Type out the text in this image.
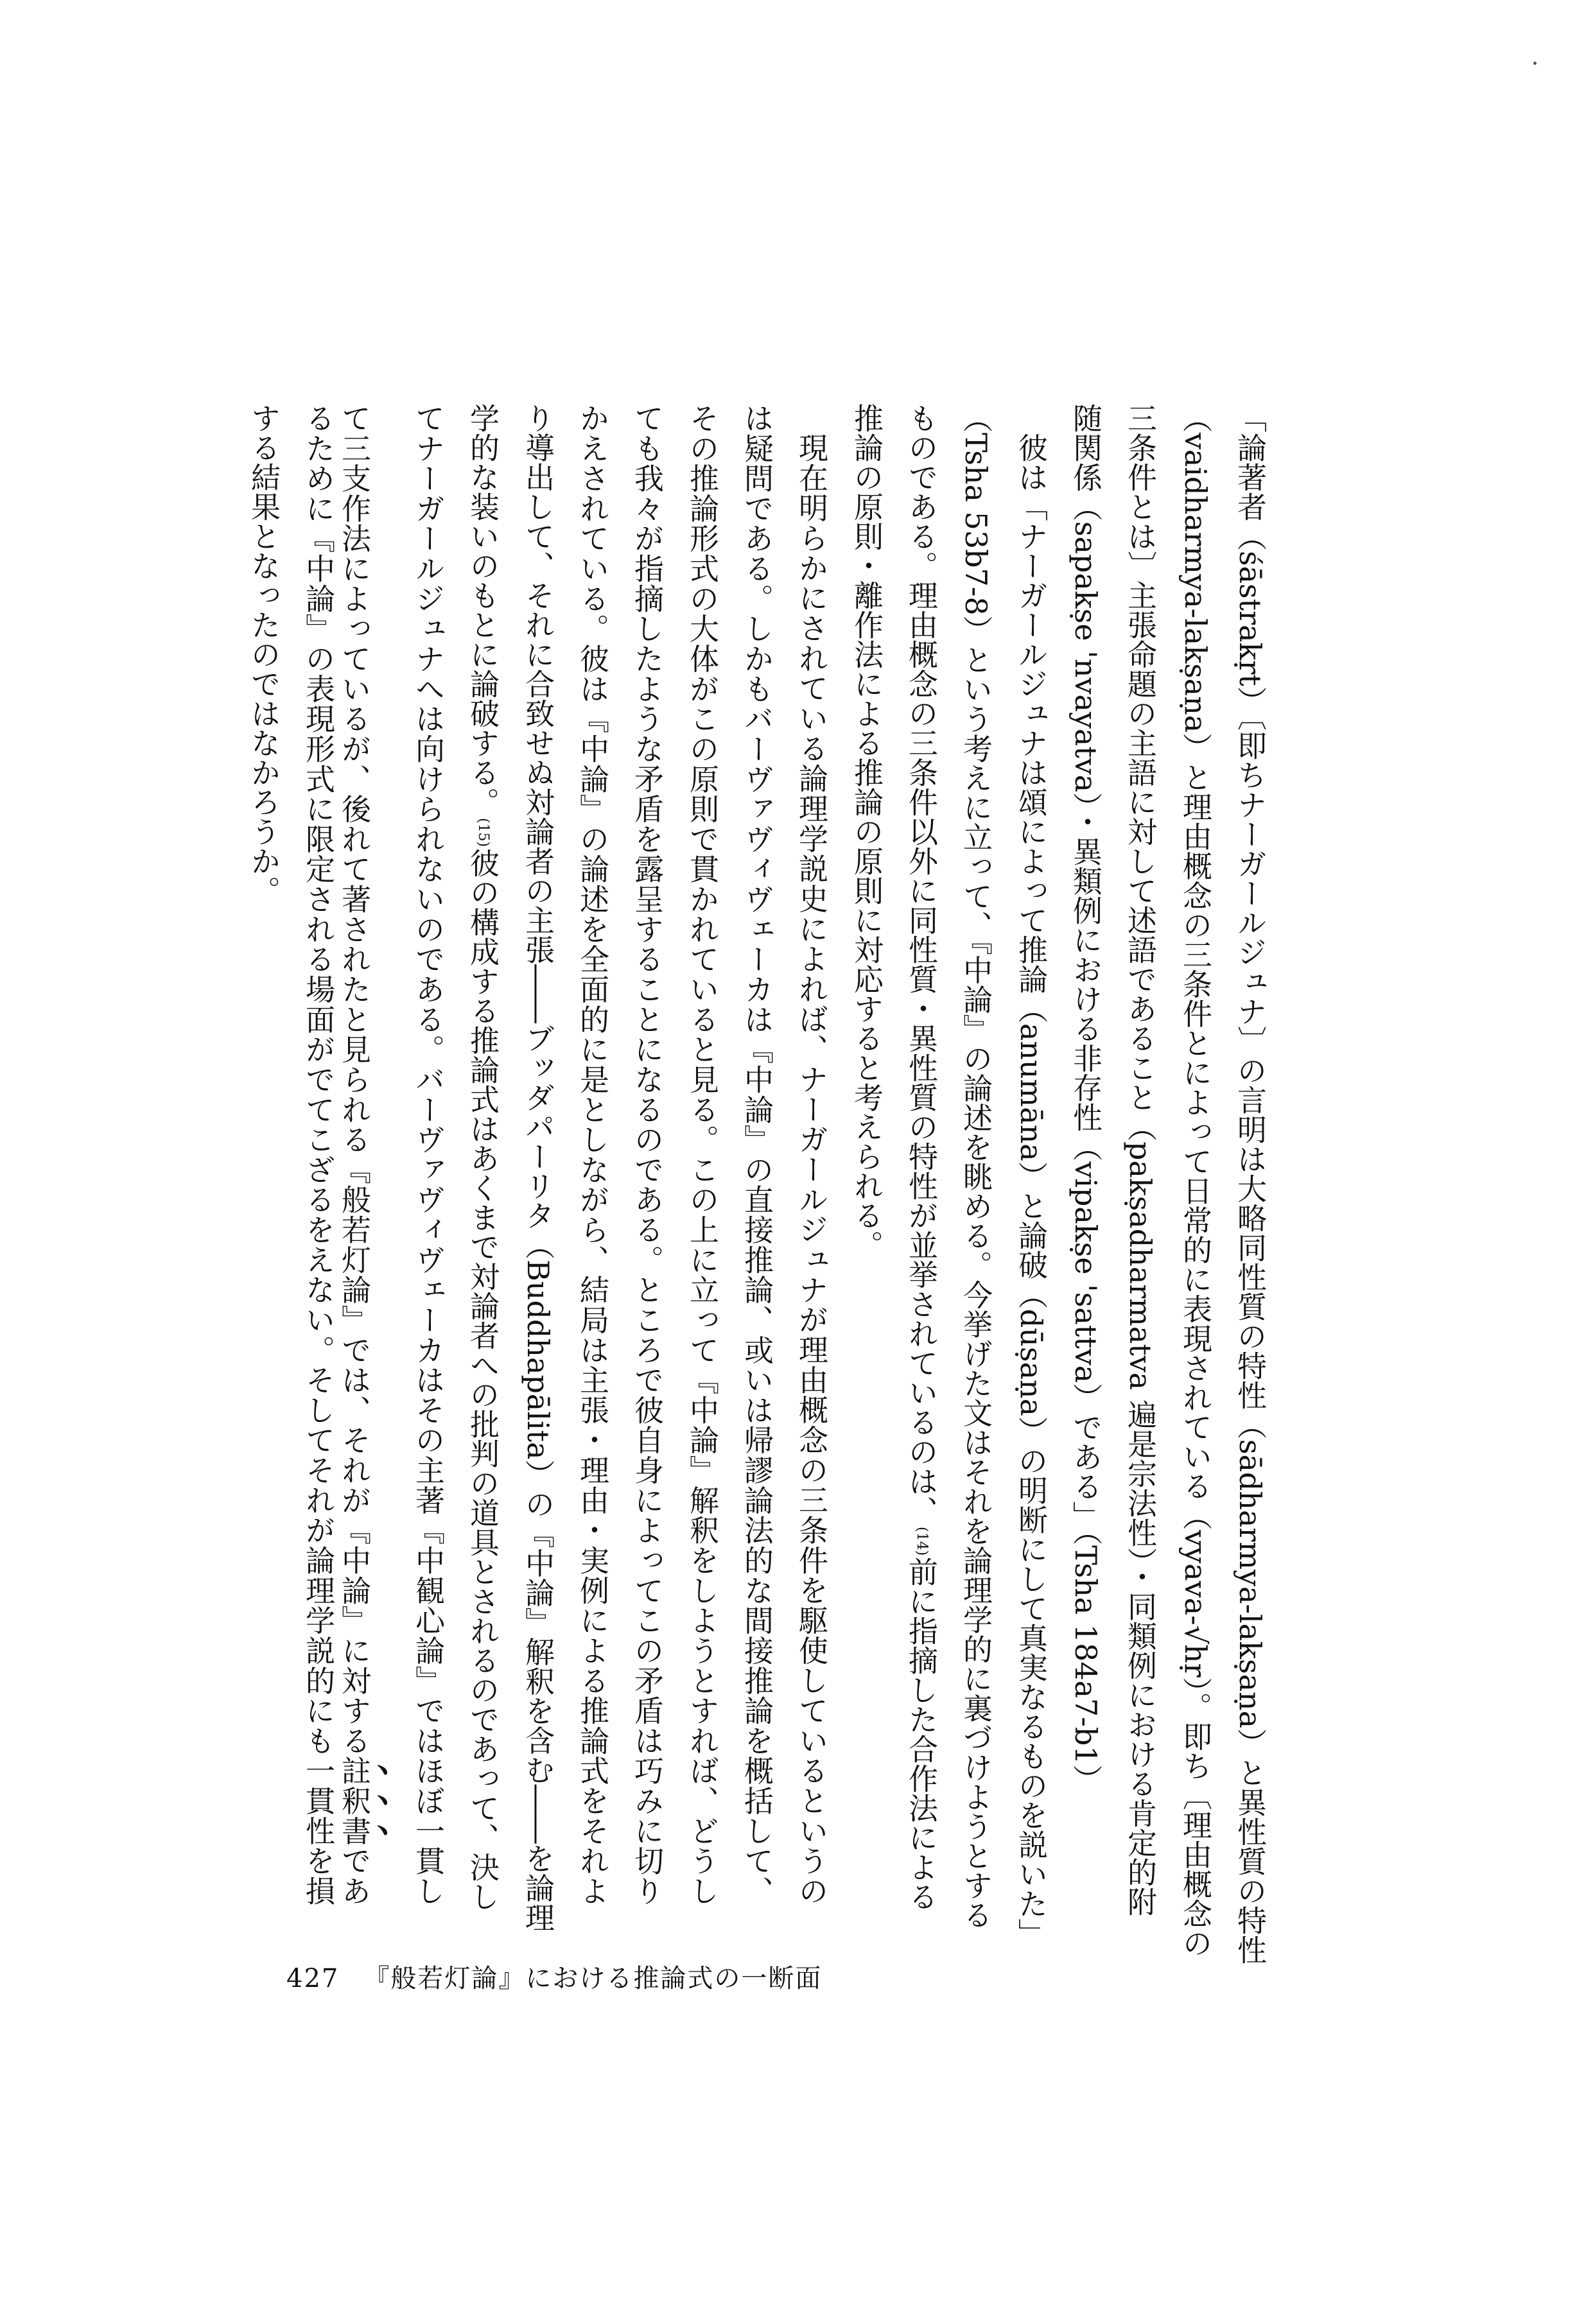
「論著者（śāstrakṛt）〔即ちナーガールジュナ〕の言明は大略同性質の特性（sādharmya-lakṣaṇa）と異性質の特性
（vaidharmya-lakṣaṇa）と理由概念の三条件とによって日常的に表現されている（vyava-√hṛ）。即ち〔理由概念の
三条件とは〕主張命題の主語に対して述語であること（pakṣadharmatva 遍是宗法性）・同類例における肯定的附
随関係（sapakṣe 'nvayatva）・異類例における非存性（vipakṣe 'sattva）である」（Tsha 184a7-b1）
彼は「ナーガールジュナは頌によって推論（anumāna）と論破（dūṣaṇa）の明断にして真実なるものを説いた」
（Tsha 53b7-8）という考えに立って、『中論』の論述を眺める。今挙げた文はそれを論理学的に裏づけようとする
ものである。理由概念の三条件以外に同性質・異性質の特性が並挙されているのは、$^{(14)}$前に指摘した合作法による
推論の原則・離作法による推論の原則に対応すると考えられる。
現在明らかにされている論理学説史によれば、ナーガールジュナが理由概念の三条件を駆使しているというの
は疑問である。しかもバーヴァヴィヴェーカは『中論』の直接推論、或いは帰謬論法的な間接推論を概括して、
その推論形式の大体がこの原則で貫かれていると見る。この上に立って『中論』解釈をしようとすれば、どうし
ても我々が指摘したような矛盾を露呈することになるのである。ところで彼自身によってこの矛盾は巧みに切り
かえされている。彼は『中論』の論述を全面的に是としながら、結局は主張・理由・実例による推論式をそれよ
り導出して、それに合致せぬ対論者の主張――ブッダパーリタ（Buddhapālita）の『中論』解釈を含む――を論理
学的な装いのもとに論破する。$^{(15)}$彼の構成する推論式はあくまで対論者への批判の道具とされるのであって、決し
てナーガールジュナへは向けられないのである。バーヴァヴィヴェーカはその主著『中観心論』ではほぼ一貫し
て三支作法によっているが、後れて著されたと見られる『般若灯論』では、それが『中論』に対する註釈書であ
るために『中論』の表現形式に限定される場面がでてこざるをえない。そしてそれが論理学説的にも一貫性を損
する結果となったのではなかろうか。
427 『般若灯論』における推論式の一断面
